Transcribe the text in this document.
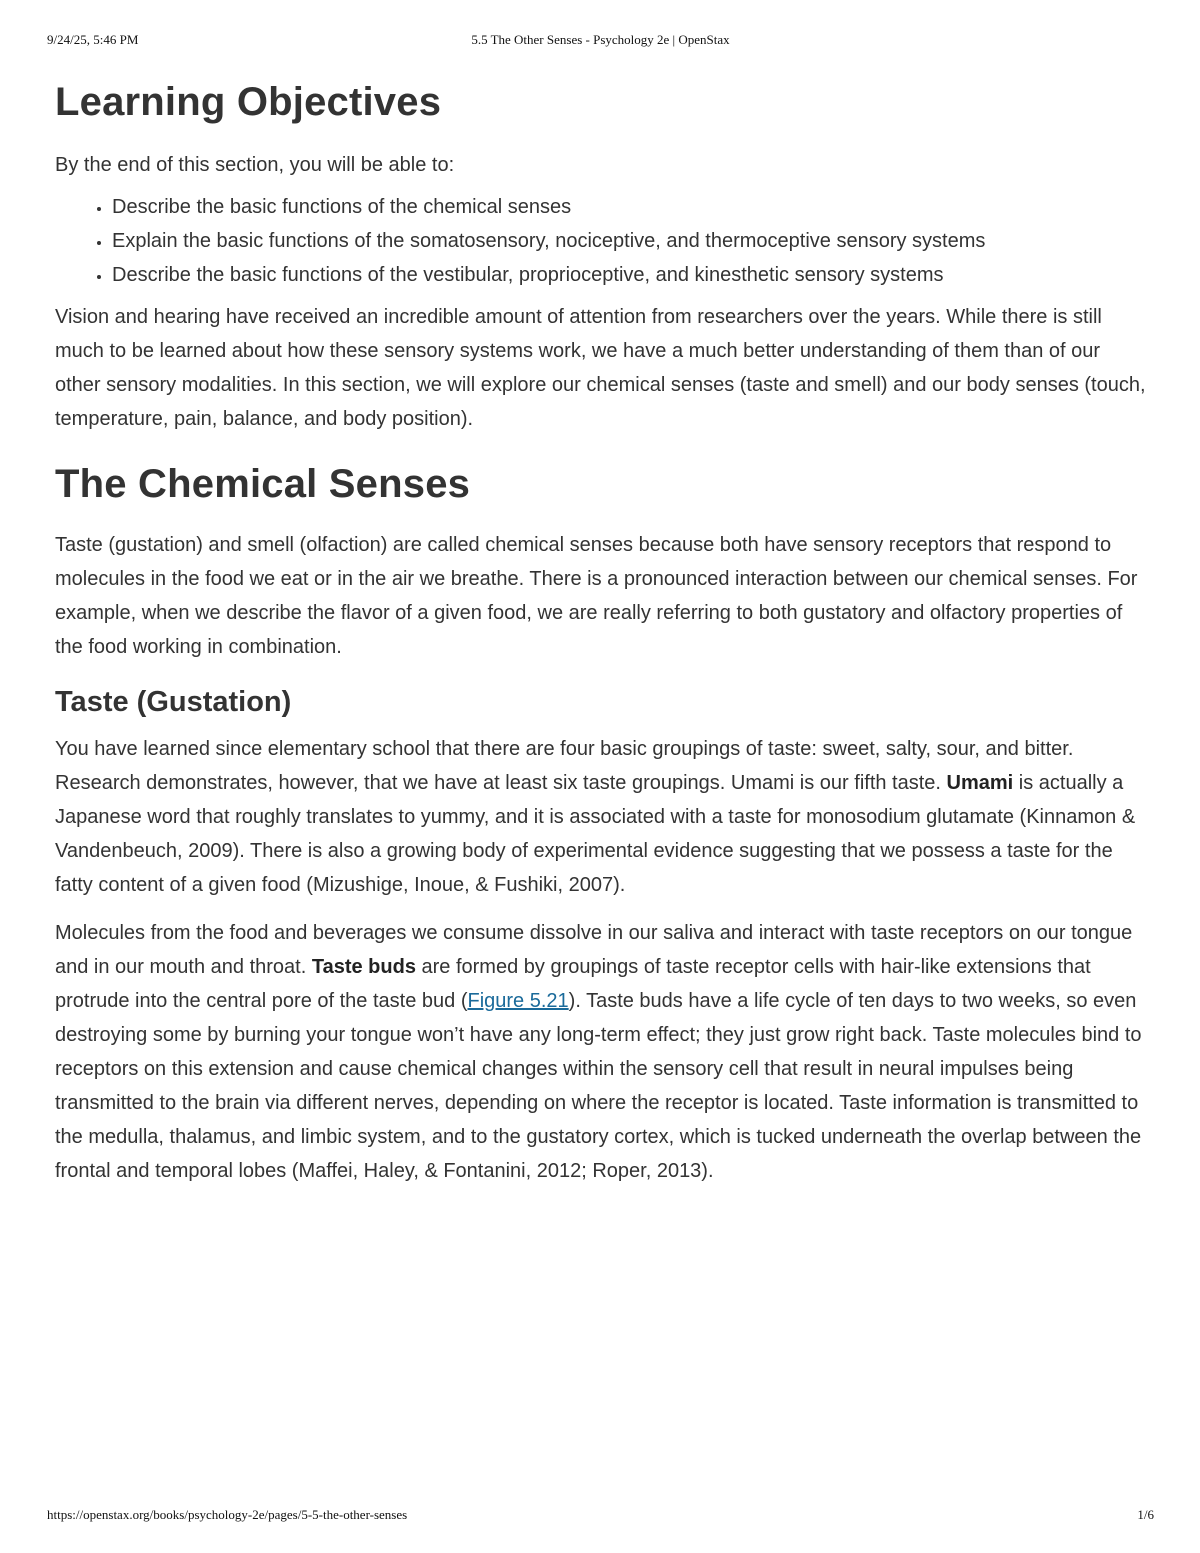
9/24/25, 5:46 PM	5.5 The Other Senses - Psychology 2e | OpenStax
Learning Objectives

By the end of this section, you will be able to:

• Describe the basic functions of the chemical senses
• Explain the basic functions of the somatosensory, nociceptive, and thermoceptive sensory systems
• Describe the basic functions of the vestibular, proprioceptive, and kinesthetic sensory systems

Vision and hearing have received an incredible amount of attention from researchers over the years. While there is still much to be learned about how these sensory systems work, we have a much better understanding of them than of our other sensory modalities. In this section, we will explore our chemical senses (taste and smell) and our body senses (touch, temperature, pain, balance, and body position).

The Chemical Senses

Taste (gustation) and smell (olfaction) are called chemical senses because both have sensory receptors that respond to molecules in the food we eat or in the air we breathe. There is a pronounced interaction between our chemical senses. For example, when we describe the flavor of a given food, we are really referring to both gustatory and olfactory properties of the food working in combination.

Taste (Gustation)

You have learned since elementary school that there are four basic groupings of taste: sweet, salty, sour, and bitter. Research demonstrates, however, that we have at least six taste groupings. Umami is our fifth taste. Umami is actually a Japanese word that roughly translates to yummy, and it is associated with a taste for monosodium glutamate (Kinnamon & Vandenbeuch, 2009). There is also a growing body of experimental evidence suggesting that we possess a taste for the fatty content of a given food (Mizushige, Inoue, & Fushiki, 2007).

Molecules from the food and beverages we consume dissolve in our saliva and interact with taste receptors on our tongue and in our mouth and throat. Taste buds are formed by groupings of taste receptor cells with hair-like extensions that protrude into the central pore of the taste bud (Figure 5.21). Taste buds have a life cycle of ten days to two weeks, so even destroying some by burning your tongue won’t have any long-term effect; they just grow right back. Taste molecules bind to receptors on this extension and cause chemical changes within the sensory cell that result in neural impulses being transmitted to the brain via different nerves, depending on where the receptor is located. Taste information is transmitted to the medulla, thalamus, and limbic system, and to the gustatory cortex, which is tucked underneath the overlap between the frontal and temporal lobes (Maffei, Haley, & Fontanini, 2012; Roper, 2013).

https://openstax.org/books/psychology-2e/pages/5-5-the-other-senses	1/6
